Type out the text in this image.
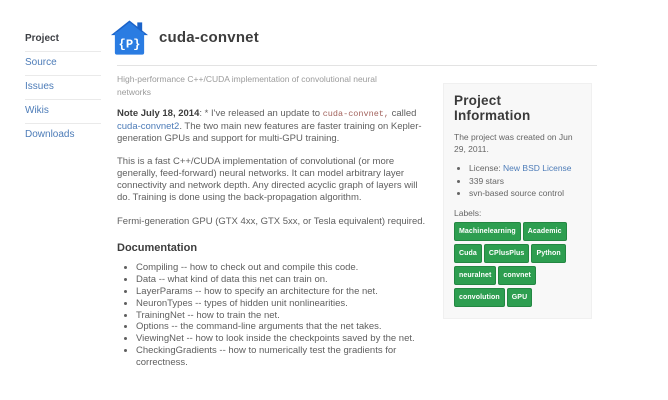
Project
Source
Issues
Wikis
Downloads
{P} cuda-convnet

High-performance C++/CUDA implementation of convolutional neural networks

Note July 18, 2014: * I've released an update to cuda-convnet, called cuda-convnet2. The two main new features are faster training on Kepler-generation GPUs and support for multi-GPU training.

This is a fast C++/CUDA implementation of convolutional (or more generally, feed-forward) neural networks. It can model arbitrary layer connectivity and network depth. Any directed acyclic graph of layers will do. Training is done using the back-propagation algorithm.

Fermi-generation GPU (GTX 4xx, GTX 5xx, or Tesla equivalent) required.

Documentation
• Compiling -- how to check out and compile this code.
• Data -- what kind of data this net can train on.
• LayerParams -- how to specify an architecture for the net.
• NeuronTypes -- types of hidden unit nonlinearities.
• TrainingNet -- how to train the net.
• Options -- the command-line arguments that the net takes.
• ViewingNet -- how to look inside the checkpoints saved by the net.
• CheckingGradients -- how to numerically test the gradients for correctness.
Project Information

The project was created on Jun 29, 2011.

• License: New BSD License
• 339 stars
• svn-based source control

Labels:

Machinelearning AcademicCuda CPlusPlus Pythonneuralnet convnetconvolution GPU
